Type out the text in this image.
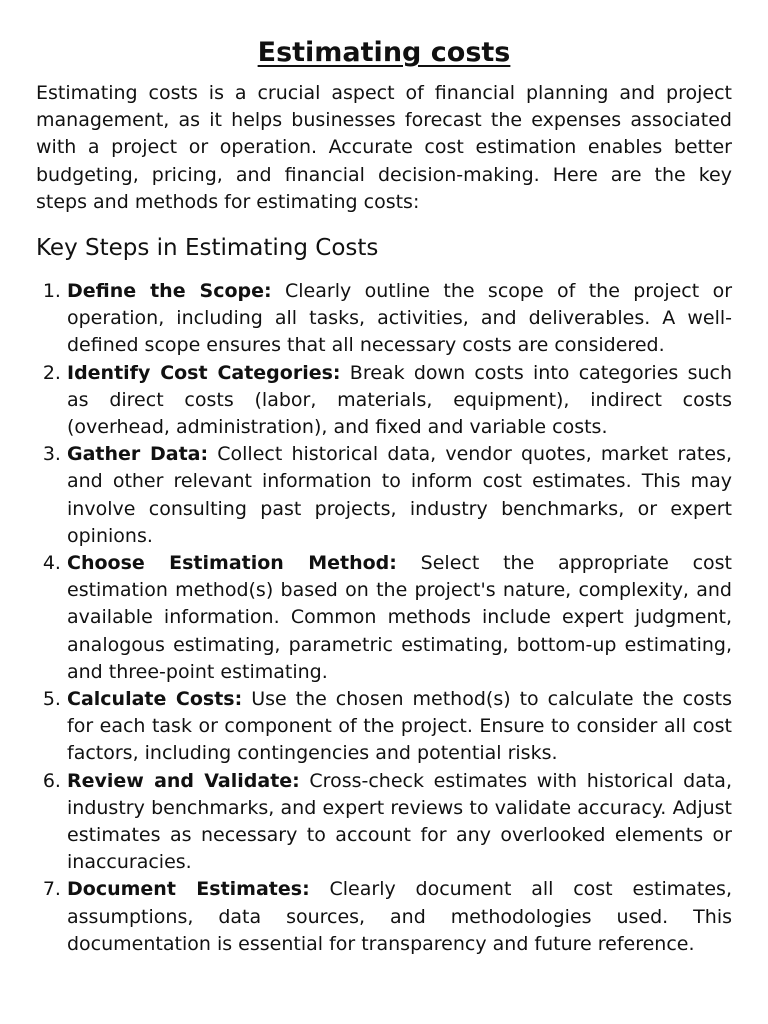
Estimating costs

Estimating costs is a crucial aspect of financial planning and project management, as it helps businesses forecast the expenses associated with a project or operation. Accurate cost estimation enables better budgeting, pricing, and financial decision-making. Here are the key steps and methods for estimating costs:

Key Steps in Estimating Costs
1. Define the Scope: Clearly outline the scope of the project or operation, including all tasks, activities, and deliverables. A well-defined scope ensures that all necessary costs are considered.
2. Identify Cost Categories: Break down costs into categories such as direct costs (labor, materials, equipment), indirect costs (overhead, administration), and fixed and variable costs.
3. Gather Data: Collect historical data, vendor quotes, market rates, and other relevant information to inform cost estimates. This may involve consulting past projects, industry benchmarks, or expert opinions.
4. Choose Estimation Method: Select the appropriate cost estimation method(s) based on the project's nature, complexity, and available information. Common methods include expert judgment, analogous estimating, parametric estimating, bottom-up estimating, and three-point estimating.
5. Calculate Costs: Use the chosen method(s) to calculate the costs for each task or component of the project. Ensure to consider all cost factors, including contingencies and potential risks.
6. Review and Validate: Cross-check estimates with historical data, industry benchmarks, and expert reviews to validate accuracy. Adjust estimates as necessary to account for any overlooked elements or inaccuracies.
7. Document Estimates: Clearly document all cost estimates, assumptions, data sources, and methodologies used. This documentation is essential for transparency and future reference.
